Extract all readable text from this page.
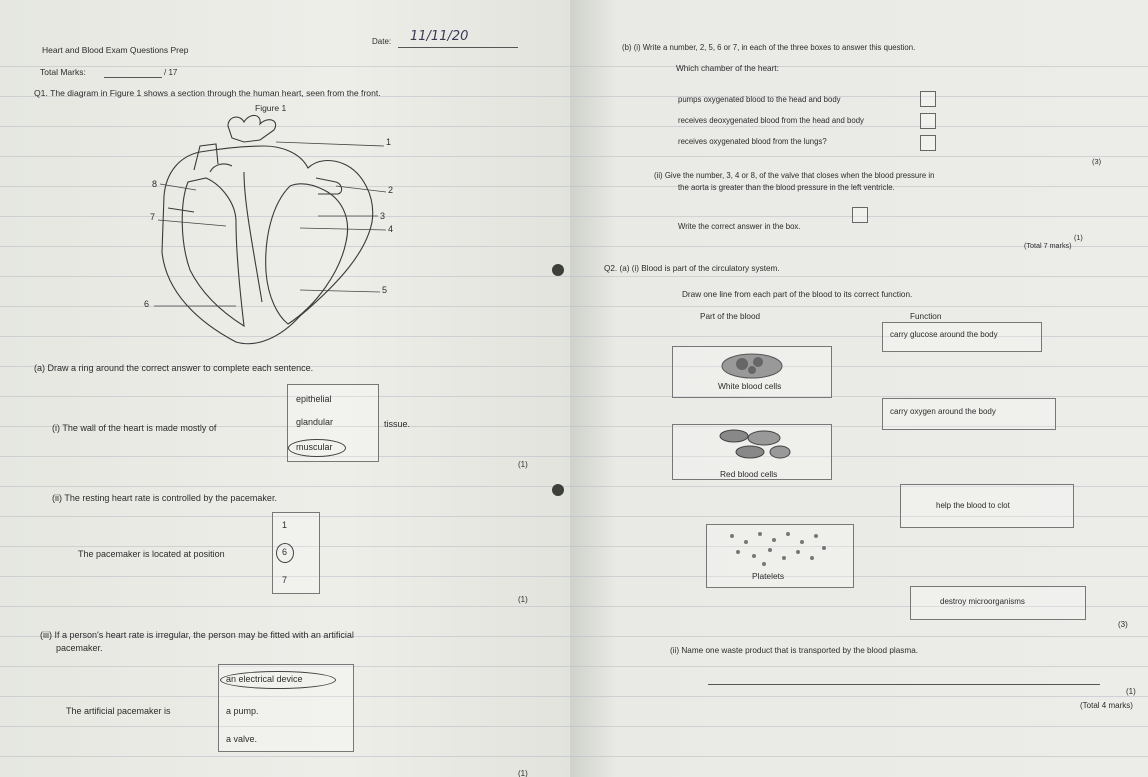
Heart and Blood Exam Questions Prep
Date: 11/11/20
Total Marks:	/ 17
Q1. The diagram in Figure 1 shows a section through the human heart, seen from the front.
Figure 1
1
2
3
4
5
6
7
8
(a) Draw a ring around the correct answer to complete each sentence.
(i) The wall of the heart is made mostly of
epithelial
glandular
muscular
tissue.
(1)
(ii) The resting heart rate is controlled by the pacemaker.
The pacemaker is located at position
1
6
7
(1)
(iii) If a person's heart rate is irregular, the person may be fitted with an artificial
pacemaker.
an electrical device
a pump.
a valve.
The artificial pacemaker is
(1)
(b) (i) Write a number, 2, 5, 6 or 7, in each of the three boxes to answer this question.
Which chamber of the heart:
pumps oxygenated blood to the head and body
receives deoxygenated blood from the head and body
receives oxygenated blood from the lungs?
(3)
(ii) Give the number, 3, 4 or 8, of the valve that closes when the blood pressure in
the aorta is greater than the blood pressure in the left ventricle.
Write the correct answer in the box.
(1)
(Total 7 marks)
Q2. (a) (i) Blood is part of the circulatory system.
Draw one line from each part of the blood to its correct function.
Part of the blood	Function
carry glucose around the body
White blood cells
carry oxygen around the body
Red blood cells
help the blood to clot
Platelets
destroy microorganisms
(3)
(ii) Name one waste product that is transported by the blood plasma.
(1)
(Total 4 marks)
